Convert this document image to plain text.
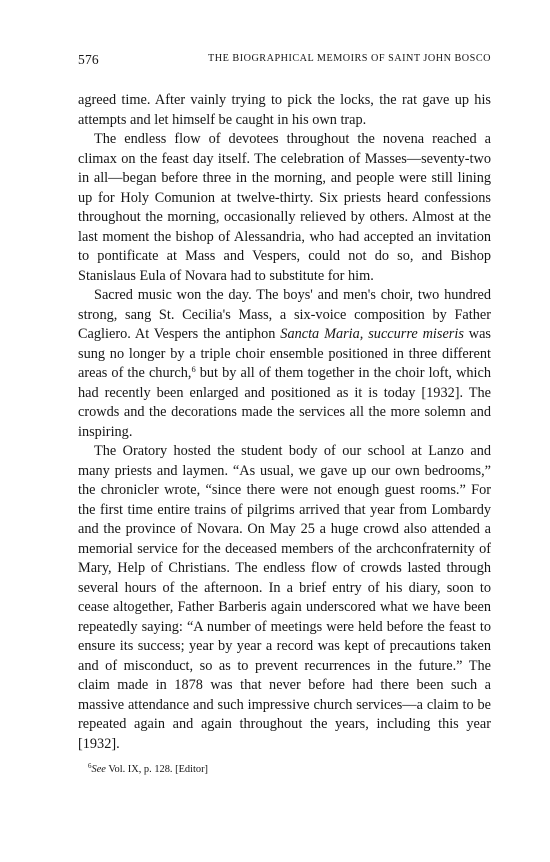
576	THE BIOGRAPHICAL MEMOIRS OF SAINT JOHN BOSCO

agreed time. After vainly trying to pick the locks, the rat gave up his attempts and let himself be caught in his own trap.

The endless flow of devotees throughout the novena reached a climax on the feast day itself. The celebration of Masses—seventy-two in all—began before three in the morning, and people were still lining up for Holy Comunion at twelve-thirty. Six priests heard confessions throughout the morning, occasionally relieved by others. Almost at the last moment the bishop of Alessandria, who had accepted an invitation to pontificate at Mass and Vespers, could not do so, and Bishop Stanislaus Eula of Novara had to substitute for him.

Sacred music won the day. The boys' and men's choir, two hundred strong, sang St. Cecilia's Mass, a six-voice composition by Father Cagliero. At Vespers the antiphon Sancta Maria, succurre miseris was sung no longer by a triple choir ensemble positioned in three different areas of the church,$^6$ but by all of them together in the choir loft, which had recently been enlarged and positioned as it is today [1932]. The crowds and the decorations made the services all the more solemn and inspiring.

The Oratory hosted the student body of our school at Lanzo and many priests and laymen. “As usual, we gave up our own bedrooms,” the chronicler wrote, “since there were not enough guest rooms.” For the first time entire trains of pilgrims arrived that year from Lombardy and the province of Novara. On May 25 a huge crowd also attended a memorial service for the deceased members of the archconfraternity of Mary, Help of Christians. The endless flow of crowds lasted through several hours of the afternoon. In a brief entry of his diary, soon to cease altogether, Father Barberis again underscored what we have been repeatedly saying: “A number of meetings were held before the feast to ensure its success; year by year a record was kept of precautions taken and of misconduct, so as to prevent recurrences in the future.” The claim made in 1878 was that never before had there been such a massive attendance and such impressive church services—a claim to be repeated again and again throughout the years, including this year [1932].

$^6$See Vol. IX, p. 128. [Editor]
